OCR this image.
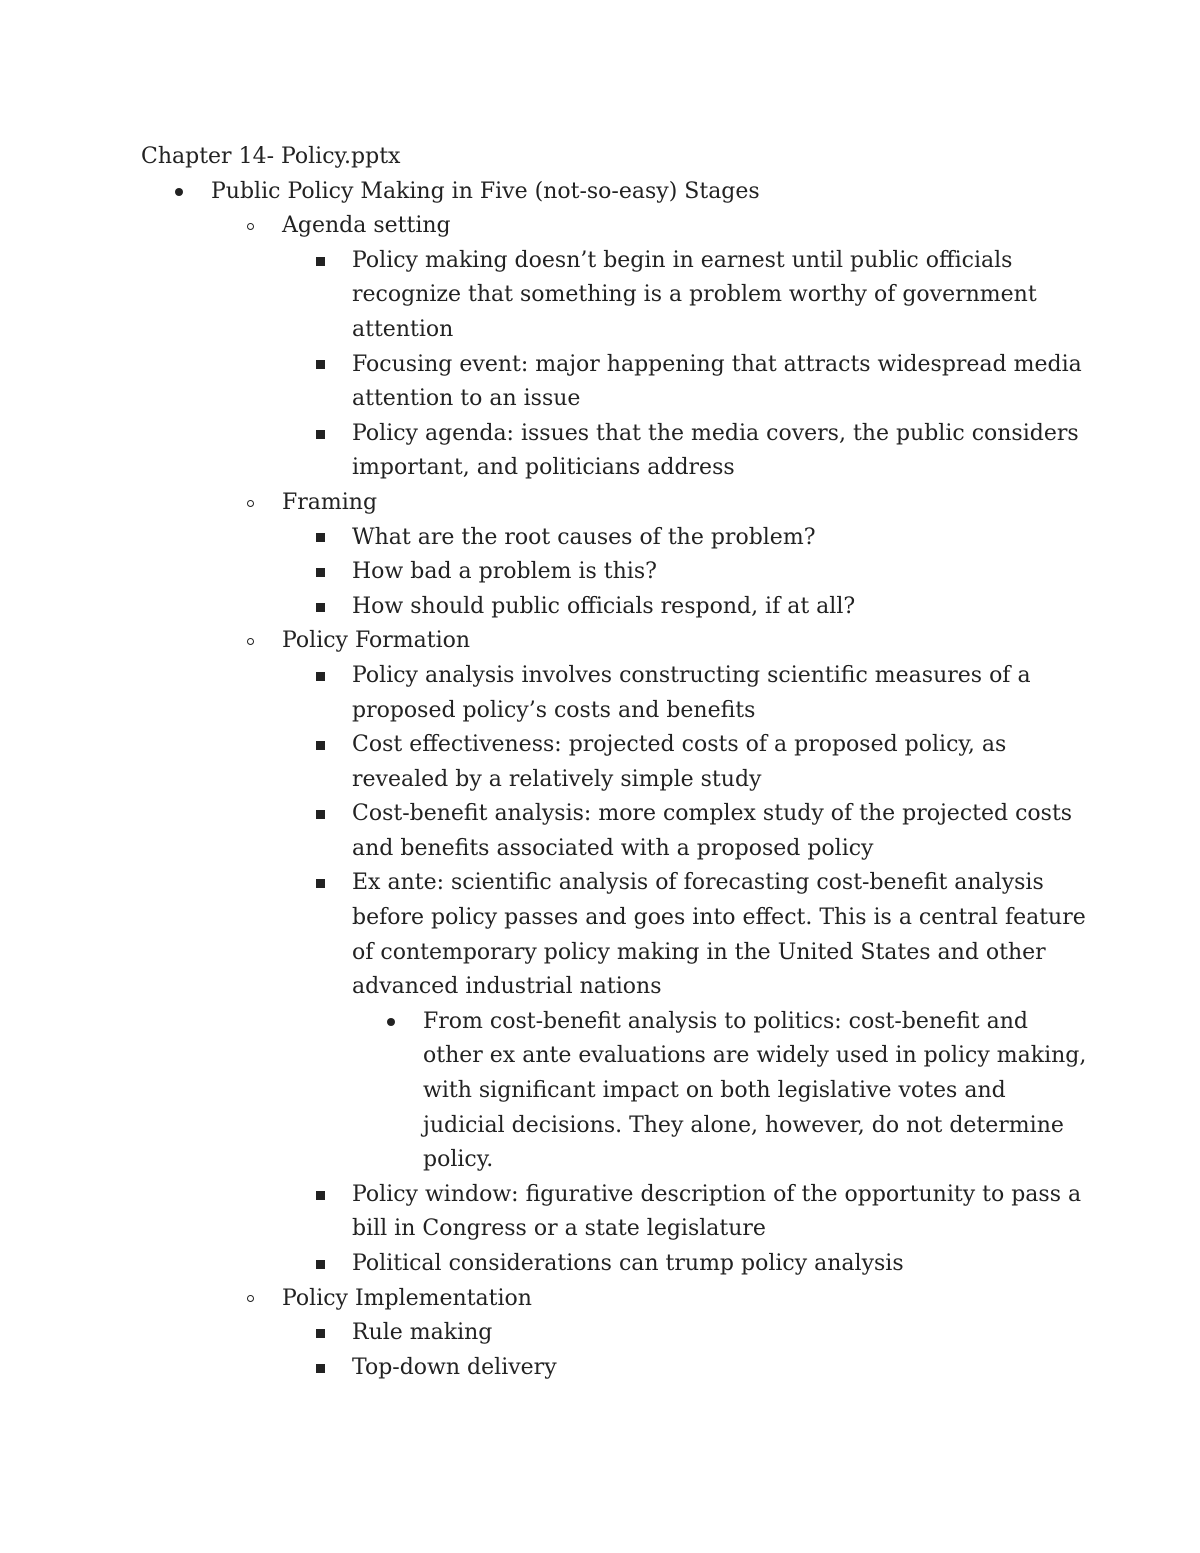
Chapter 14- Policy.pptx

Public Policy Making in Five (not-so-easy) Stages
Agenda setting
Policy making doesn’t begin in earnest until public officials recognize that something is a problem worthy of government attention
Focusing event: major happening that attracts widespread media attention to an issue
Policy agenda: issues that the media covers, the public considers important, and politicians address
Framing
What are the root causes of the problem?
How bad a problem is this?
How should public officials respond, if at all?
Policy Formation
Policy analysis involves constructing scientific measures of a proposed policy’s costs and benefits
Cost effectiveness: projected costs of a proposed policy, as revealed by a relatively simple study
Cost-benefit analysis: more complex study of the projected costs and benefits associated with a proposed policy
Ex ante: scientific analysis of forecasting cost-benefit analysis before policy passes and goes into effect. This is a central feature of contemporary policy making in the United States and other advanced industrial nations
From cost-benefit analysis to politics: cost-benefit and other ex ante evaluations are widely used in policy making, with significant impact on both legislative votes and judicial decisions. They alone, however, do not determine policy.
Policy window: figurative description of the opportunity to pass a bill in Congress or a state legislature
Political considerations can trump policy analysis
Policy Implementation
Rule making
Top-down delivery
